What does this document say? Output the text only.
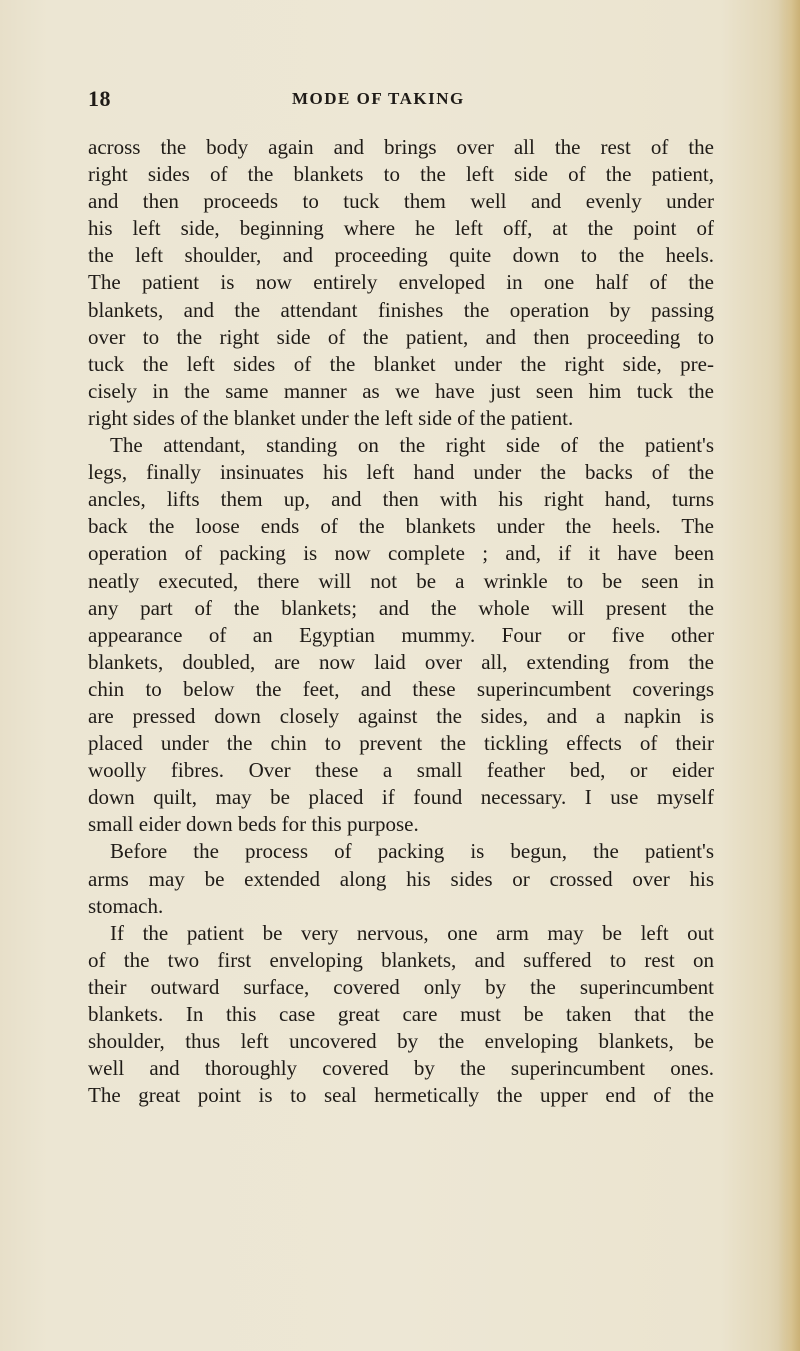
18	MODE OF TAKING
across the body again and brings over all the rest of the
right sides of the blankets to the left side of the patient,
and then proceeds to tuck them well and evenly under
his left side, beginning where he left off, at the point of
the left shoulder, and proceeding quite down to the heels.
The patient is now entirely enveloped in one half of the
blankets, and the attendant finishes the operation by passing
over to the right side of the patient, and then proceeding to
tuck the left sides of the blanket under the right side, pre-
cisely in the same manner as we have just seen him tuck the
right sides of the blanket under the left side of the patient.
The attendant, standing on the right side of the patient's
legs, finally insinuates his left hand under the backs of the
ancles, lifts them up, and then with his right hand, turns
back the loose ends of the blankets under the heels. The
operation of packing is now complete ; and, if it have been
neatly executed, there will not be a wrinkle to be seen in
any part of the blankets; and the whole will present the
appearance of an Egyptian mummy. Four or five other
blankets, doubled, are now laid over all, extending from the
chin to below the feet, and these superincumbent coverings
are pressed down closely against the sides, and a napkin is
placed under the chin to prevent the tickling effects of their
woolly fibres. Over these a small feather bed, or eider
down quilt, may be placed if found necessary. I use myself
small eider down beds for this purpose.
Before the process of packing is begun, the patient's
arms may be extended along his sides or crossed over his
stomach.
If the patient be very nervous, one arm may be left out
of the two first enveloping blankets, and suffered to rest on
their outward surface, covered only by the superincumbent
blankets. In this case great care must be taken that the
shoulder, thus left uncovered by the enveloping blankets, be
well and thoroughly covered by the superincumbent ones.
The great point is to seal hermetically the upper end of the
